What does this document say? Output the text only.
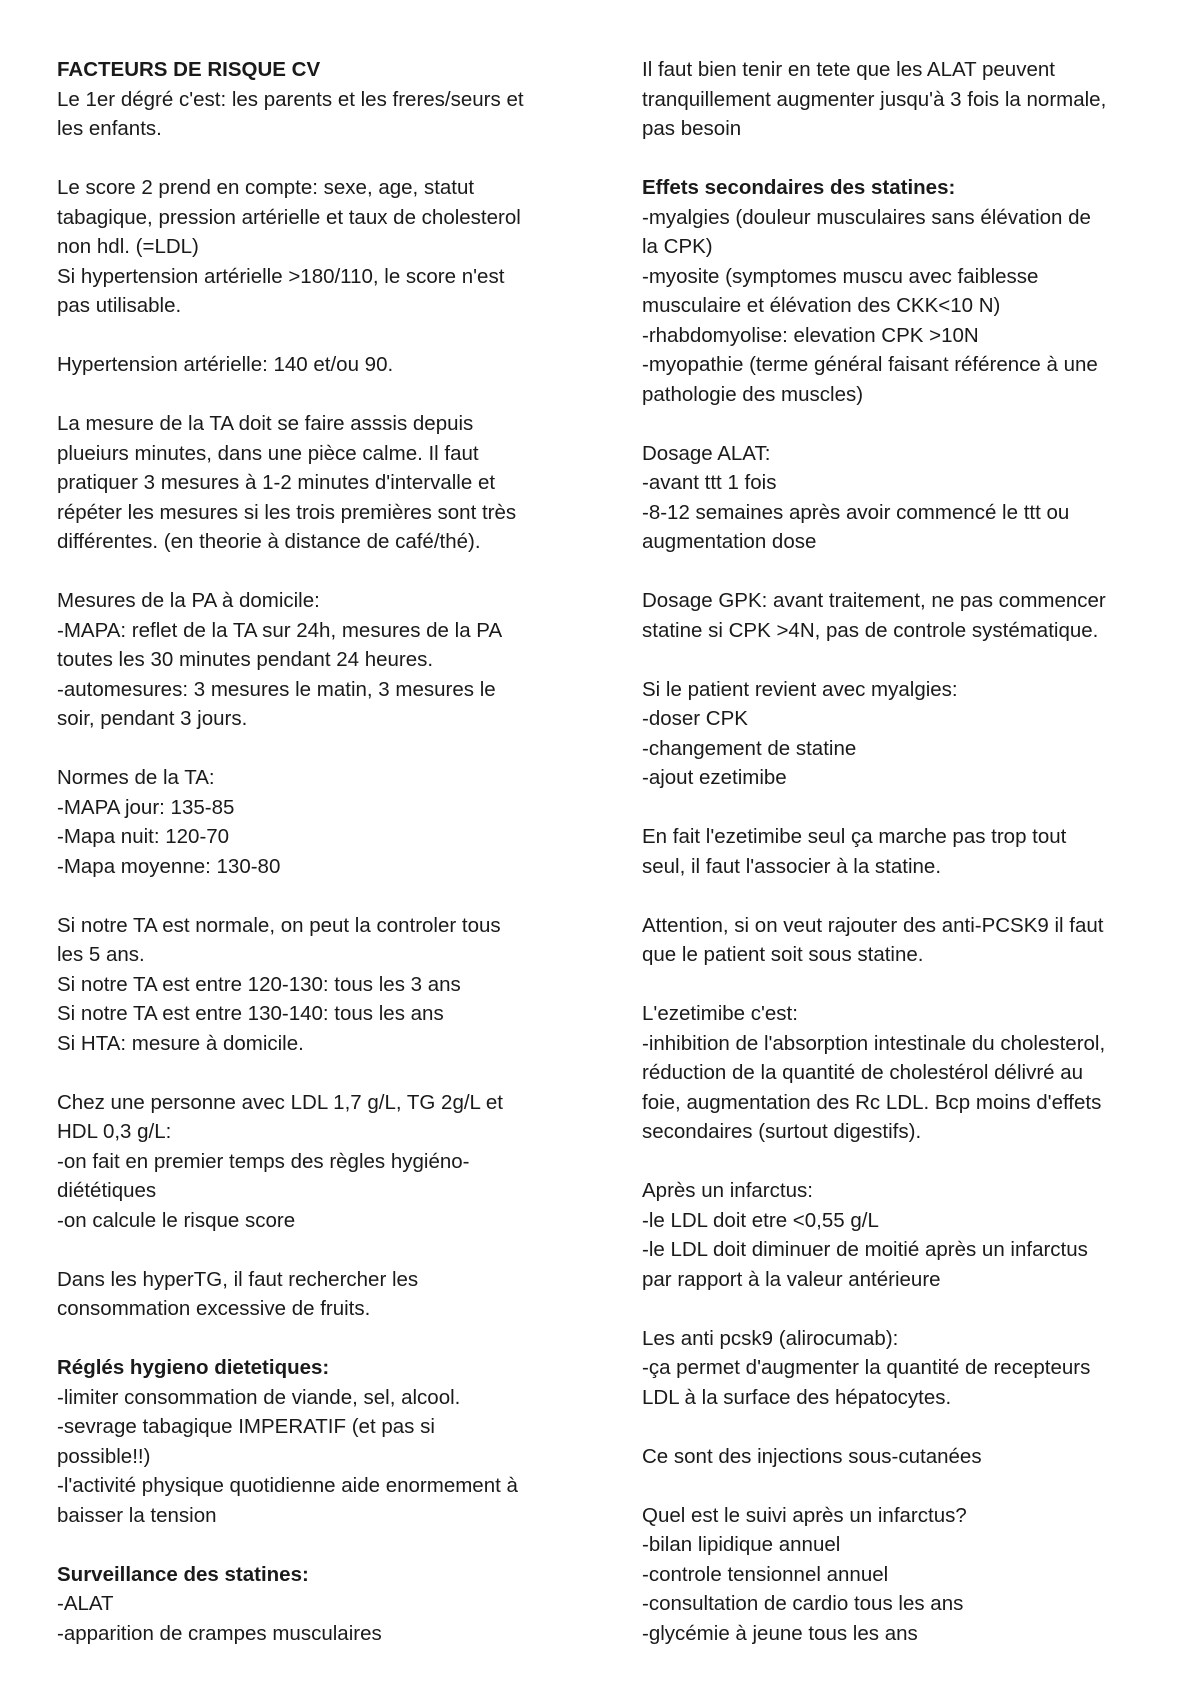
FACTEURS DE RISQUE CV

Le 1er dégré c'est: les parents et les freres/seurs et

les enfants.

Le score 2 prend en compte: sexe, age, statut

tabagique, pression artérielle et taux de cholesterol

non hdl. (=LDL)

Si hypertension artérielle >180/110, le score n'est

pas utilisable.

Hypertension artérielle: 140 et/ou 90.

La mesure de la TA doit se faire asssis depuis

plueiurs minutes, dans une pièce calme. Il faut

pratiquer 3 mesures à 1-2 minutes d'intervalle et

répéter les mesures si les trois premières sont très

différentes. (en theorie à distance de café/thé).

Mesures de la PA à domicile:

-MAPA: reflet de la TA sur 24h, mesures de la PA

toutes les 30 minutes pendant 24 heures.

-automesures: 3 mesures le matin, 3 mesures le

soir, pendant 3 jours.

Normes de la TA:

-MAPA jour: 135-85

-Mapa nuit: 120-70

-Mapa moyenne: 130-80

Si notre TA est normale, on peut la controler tous

les 5 ans.

Si notre TA est entre 120-130: tous les 3 ans

Si notre TA est entre 130-140: tous les ans

Si HTA: mesure à domicile.

Chez une personne avec LDL 1,7 g/L, TG 2g/L et

HDL 0,3 g/L:

-on fait en premier temps des règles hygiéno-

diététiques

-on calcule le risque score

Dans les hyperTG, il faut rechercher les

consommation excessive de fruits.

Réglés hygieno dietetiques:

-limiter consommation de viande, sel, alcool.

-sevrage tabagique IMPERATIF (et pas si

possible!!)

-l'activité physique quotidienne aide enormement à

baisser la tension

Surveillance des statines:

-ALAT

-apparition de crampes musculaires

Il faut bien tenir en tete que les ALAT peuvent

tranquillement augmenter jusqu'à 3 fois la normale,

pas besoin

Effets secondaires des statines:

-myalgies (douleur musculaires sans élévation de

la CPK)

-myosite (symptomes muscu avec faiblesse

musculaire et élévation des CKK<10 N)

-rhabdomyolise: elevation CPK >10N

-myopathie (terme général faisant référence à une

pathologie des muscles)

Dosage ALAT:

-avant ttt 1 fois

-8-12 semaines après avoir commencé le ttt ou

augmentation dose

Dosage GPK: avant traitement, ne pas commencer

statine si CPK >4N, pas de controle systématique.

Si le patient revient avec myalgies:

-doser CPK

-changement de statine

-ajout ezetimibe

En fait l'ezetimibe seul ça marche pas trop tout

seul, il faut l'associer à la statine.

Attention, si on veut rajouter des anti-PCSK9 il faut

que le patient soit sous statine.

L'ezetimibe c'est:

-inhibition de l'absorption intestinale du cholesterol,

réduction de la quantité de cholestérol délivré au

foie, augmentation des Rc LDL. Bcp moins d'effets

secondaires (surtout digestifs).

Après un infarctus:

-le LDL doit etre <0,55 g/L

-le LDL doit diminuer de moitié après un infarctus

par rapport à la valeur antérieure

Les anti pcsk9 (alirocumab):

-ça permet d'augmenter la quantité de recepteurs

LDL à la surface des hépatocytes.

Ce sont des injections sous-cutanées

Quel est le suivi après un infarctus?

-bilan lipidique annuel

-controle tensionnel annuel

-consultation de cardio tous les ans

-glycémie à jeune tous les ans
